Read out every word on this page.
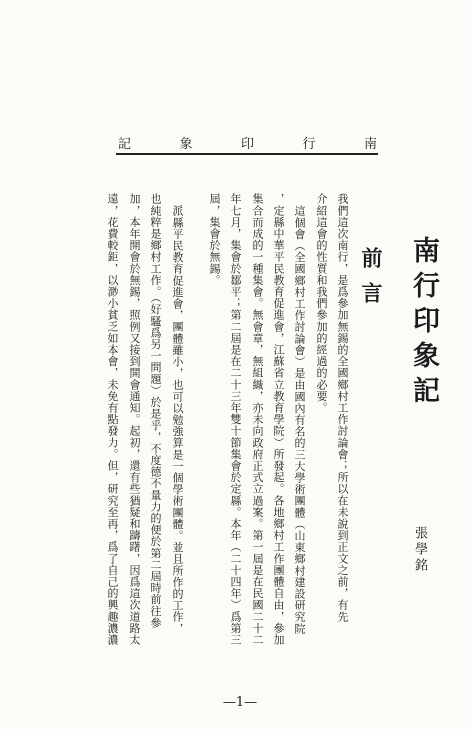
記	象	印	行	南
南行印象記
張學銘
前言
我們這次南行，是爲參加無錫的全國鄉村工作討論會；所以在未說到正文之前，有先
介紹這會的性質和我們參加的經過的必要。
這個會（全國鄉村工作討論會）是由國內有名的三大學術團體（山東鄉村建設研究院
，定縣中華平民教育促進會，江蘇省立教育學院）所發起。各地鄉村工作團體自由，參加
集合而成的一種集會。無會章，無組織，亦未向政府正式立過案。第一屆是在民國二十二
年七月，集會於鄒平；第二屆是在二十三年雙十節集會於定縣。本年（二十四年）爲第三
屆，集會於無錫。
派縣平民教育促進會，團體雖小，也可以勉強算是一個學術團體。並且所作的工作，
也純粹是鄉村工作。（好騷爲另一問題）於是乎，不度德不量力的便於第二屆時前往參
加，本年開會於無錫，照例又接到開會通知。起初，還有些猶疑和躊躇，因爲這次道路太
遠，花費較鉅，以渺小貧乏如本會，未免有點發力。但，研究至再，爲了自己的興趣濃濃
—1—
